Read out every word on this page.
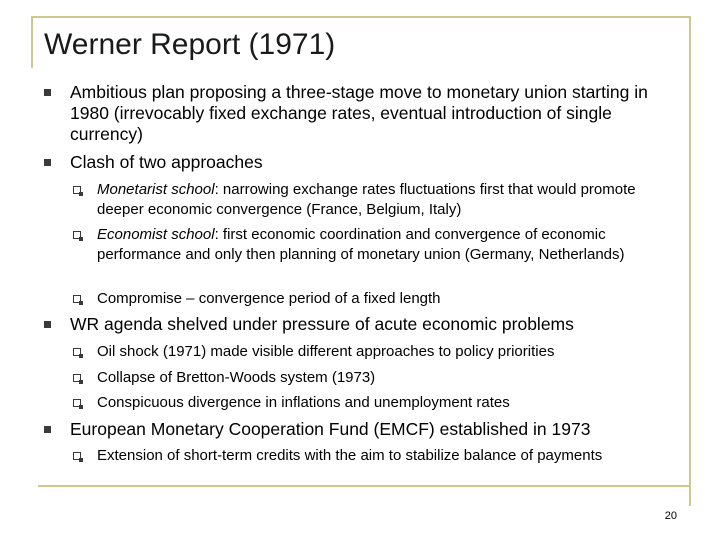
Werner Report (1971)
Ambitious plan proposing a three-stage move to monetary union starting in 1980 (irrevocably fixed exchange rates, eventual introduction of single currency)
Clash of two approaches
Monetarist school: narrowing exchange rates fluctuations first that would promote deeper economic convergence (France, Belgium, Italy)
Economist school: first economic coordination and convergence of economic performance and only then planning of monetary union (Germany, Netherlands)
Compromise – convergence period of a fixed length
WR agenda shelved under pressure of acute economic problems
Oil shock (1971) made visible different approaches to policy priorities
Collapse of Bretton-Woods system (1973)
Conspicuous divergence in inflations and unemployment rates
European Monetary Cooperation Fund (EMCF) established in 1973
Extension of short-term credits with the aim to stabilize balance of payments
20
